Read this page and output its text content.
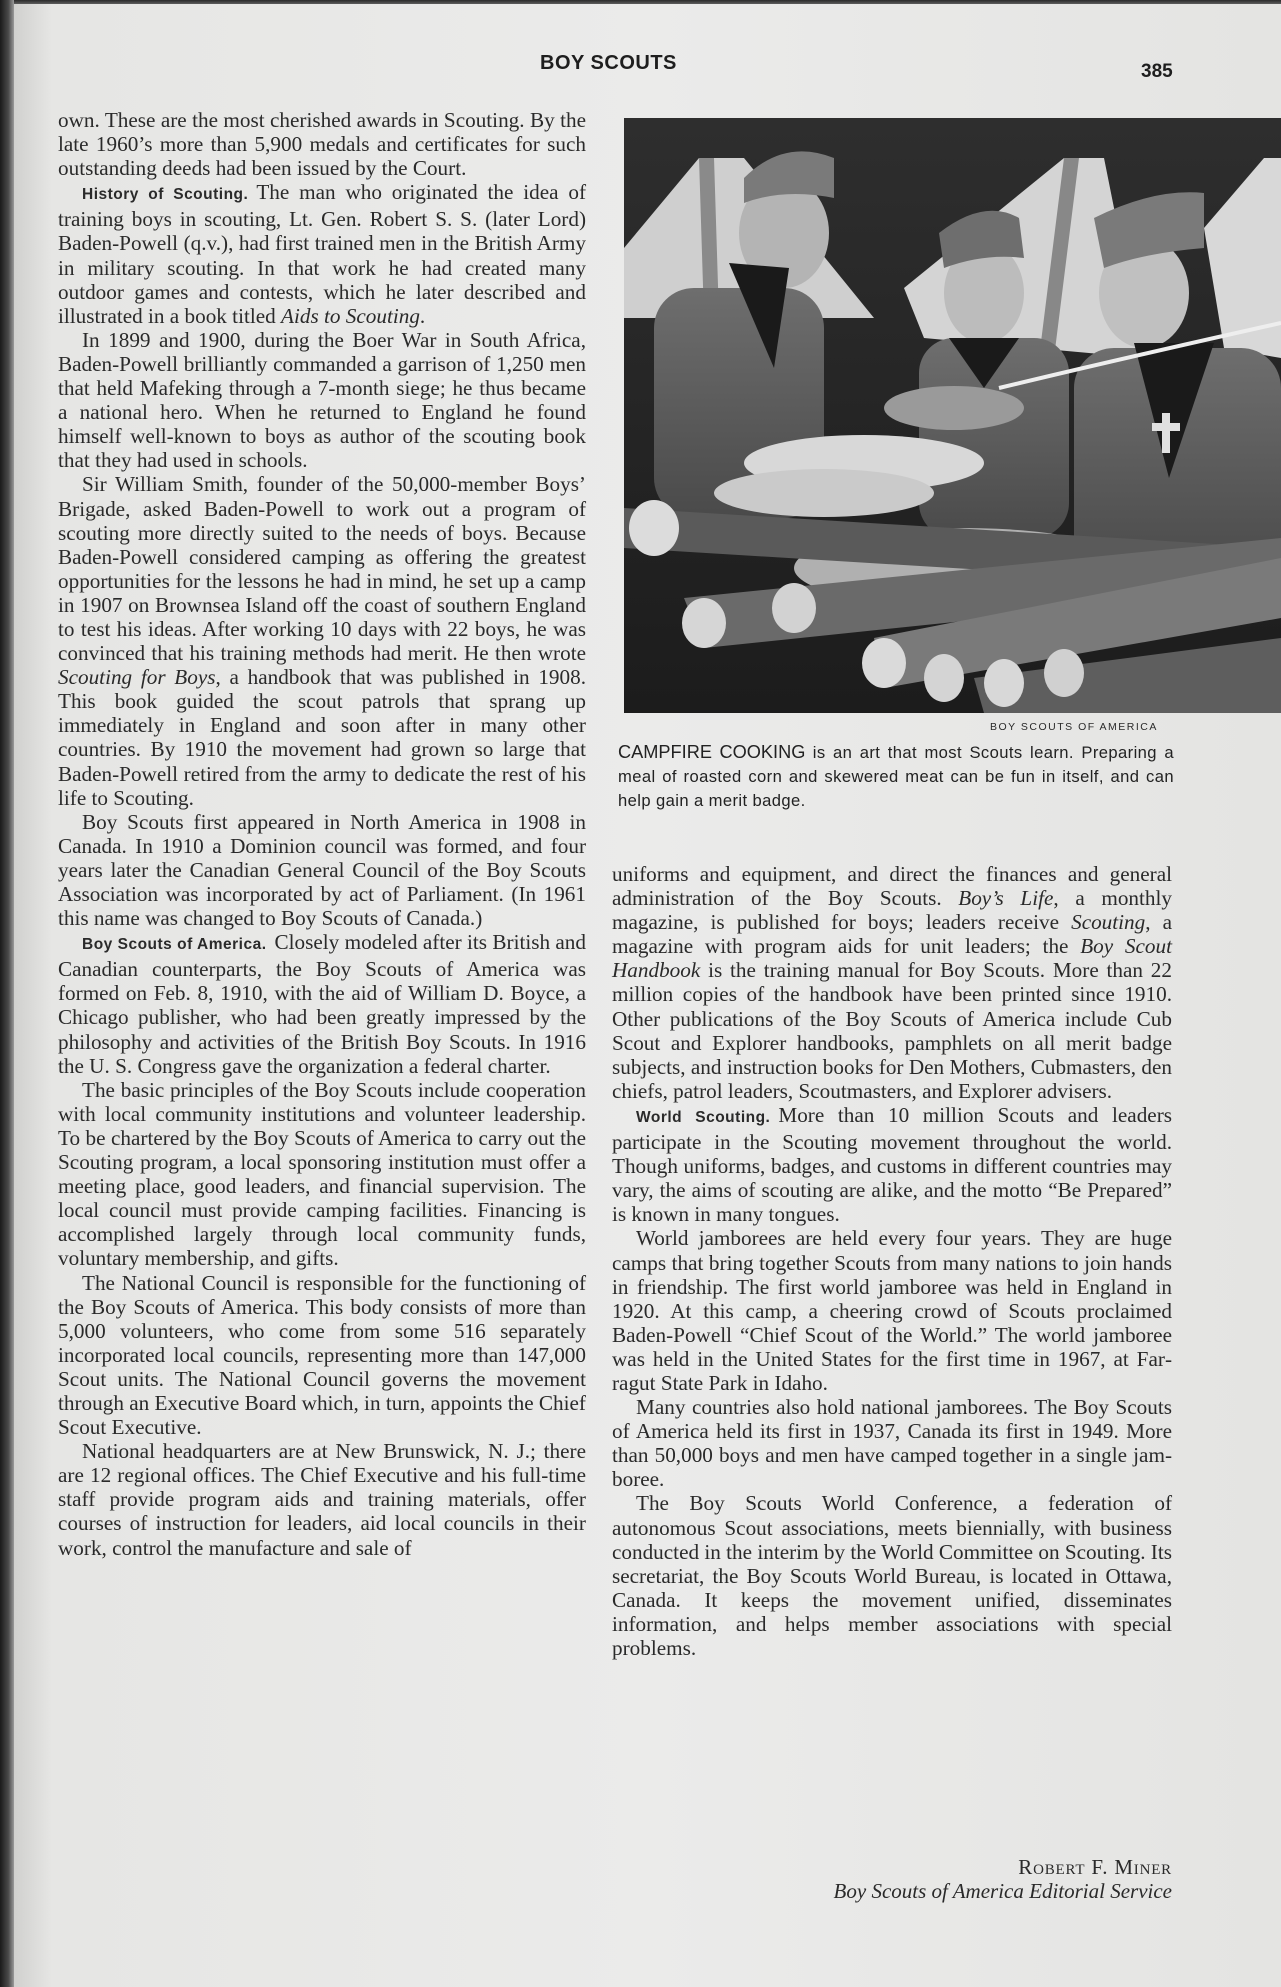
BOY SCOUTS	385

own. These are the most cherished awards in Scouting. By the late 1960’s more than 5,900 medals and certificates for such outstanding deeds had been issued by the Court.

History of Scouting. The man who originated the idea of training boys in scouting, Lt. Gen. Robert S. S. (later Lord) Baden-Powell (q.v.), had first trained men in the British Army in military scouting. In that work he had created many outdoor games and contests, which he later described and illustrated in a book titled Aids to Scouting.

In 1899 and 1900, during the Boer War in South Africa, Baden-Powell brilliantly commanded a garrison of 1,250 men that held Mafeking through a 7-month siege; he thus became a national hero. When he returned to England he found himself well-known to boys as author of the scouting book that they had used in schools.

Sir William Smith, founder of the 50,000-member Boys’ Brigade, asked Baden-Powell to work out a program of scouting more directly suited to the needs of boys. Because Baden-Powell considered camping as offering the greatest opportunities for the lessons he had in mind, he set up a camp in 1907 on Brownsea Island off the coast of southern England to test his ideas. After working 10 days with 22 boys, he was convinced that his training methods had merit. He then wrote Scouting for Boys, a handbook that was published in 1908. This book guided the scout patrols that sprang up immediately in England and soon after in many other countries. By 1910 the movement had grown so large that Baden-Powell retired from the army to dedicate the rest of his life to Scouting.

Boy Scouts first appeared in North America in 1908 in Canada. In 1910 a Dominion council was formed, and four years later the Canadian General Council of the Boy Scouts Association was incorporated by act of Parliament. (In 1961 this name was changed to Boy Scouts of Canada.)

Boy Scouts of America. Closely modeled after its British and Canadian counterparts, the Boy Scouts of America was formed on Feb. 8, 1910, with the aid of William D. Boyce, a Chicago publisher, who had been greatly impressed by the philosophy and activities of the British Boy Scouts. In 1916 the U. S. Congress gave the organization a federal charter.

The basic principles of the Boy Scouts include cooperation with local community institutions and volunteer leadership. To be chartered by the Boy Scouts of America to carry out the Scouting program, a local sponsoring institution must offer a meeting place, good leaders, and financial supervision. The local council must provide camping facilities. Financing is accomplished largely through local community funds, voluntary membership, and gifts.

The National Council is responsible for the functioning of the Boy Scouts of America. This body consists of more than 5,000 volunteers, who come from some 516 separately incorporated local councils, representing more than 147,000 Scout units. The National Council governs the movement through an Executive Board which, in turn, appoints the Chief Scout Executive.

National headquarters are at New Brunswick, N. J.; there are 12 regional offices. The Chief Executive and his full-time staff provide program aids and training materials, offer courses of instruction for leaders, aid local councils in their work, control the manufacture and sale of

BOY SCOUTS OF AMERICA
CAMPFIRE COOKING is an art that most Scouts learn. Preparing a meal of roasted corn and skewered meat can be fun in itself, and can help gain a merit badge.

uniforms and equipment, and direct the finances and general administration of the Boy Scouts. Boy’s Life, a monthly magazine, is published for boys; leaders receive Scouting, a magazine with program aids for unit leaders; the Boy Scout Handbook is the training manual for Boy Scouts. More than 22 million copies of the handbook have been printed since 1910. Other publications of the Boy Scouts of America include Cub Scout and Explorer handbooks, pamphlets on all merit badge subjects, and instruction books for Den Mothers, Cubmasters, den chiefs, patrol leaders, Scoutmasters, and Explorer advisers.

World Scouting. More than 10 million Scouts and leaders participate in the Scouting movement throughout the world. Though uniforms, badges, and customs in different countries may vary, the aims of scouting are alike, and the motto “Be Prepared” is known in many tongues.

World jamborees are held every four years. They are huge camps that bring together Scouts from many nations to join hands in friendship. The first world jamboree was held in England in 1920. At this camp, a cheering crowd of Scouts proclaimed Baden-Powell “Chief Scout of the World.” The world jamboree was held in the United States for the first time in 1967, at Farragut State Park in Idaho.

Many countries also hold national jamborees. The Boy Scouts of America held its first in 1937, Canada its first in 1949. More than 50,000 boys and men have camped together in a single jamboree.

The Boy Scouts World Conference, a federation of autonomous Scout associations, meets biennially, with business conducted in the interim by the World Committee on Scouting. Its secretariat, the Boy Scouts World Bureau, is located in Ottawa, Canada. It keeps the movement unified, disseminates information, and helps member associations with special problems.

Robert F. Miner
Boy Scouts of America Editorial Service
